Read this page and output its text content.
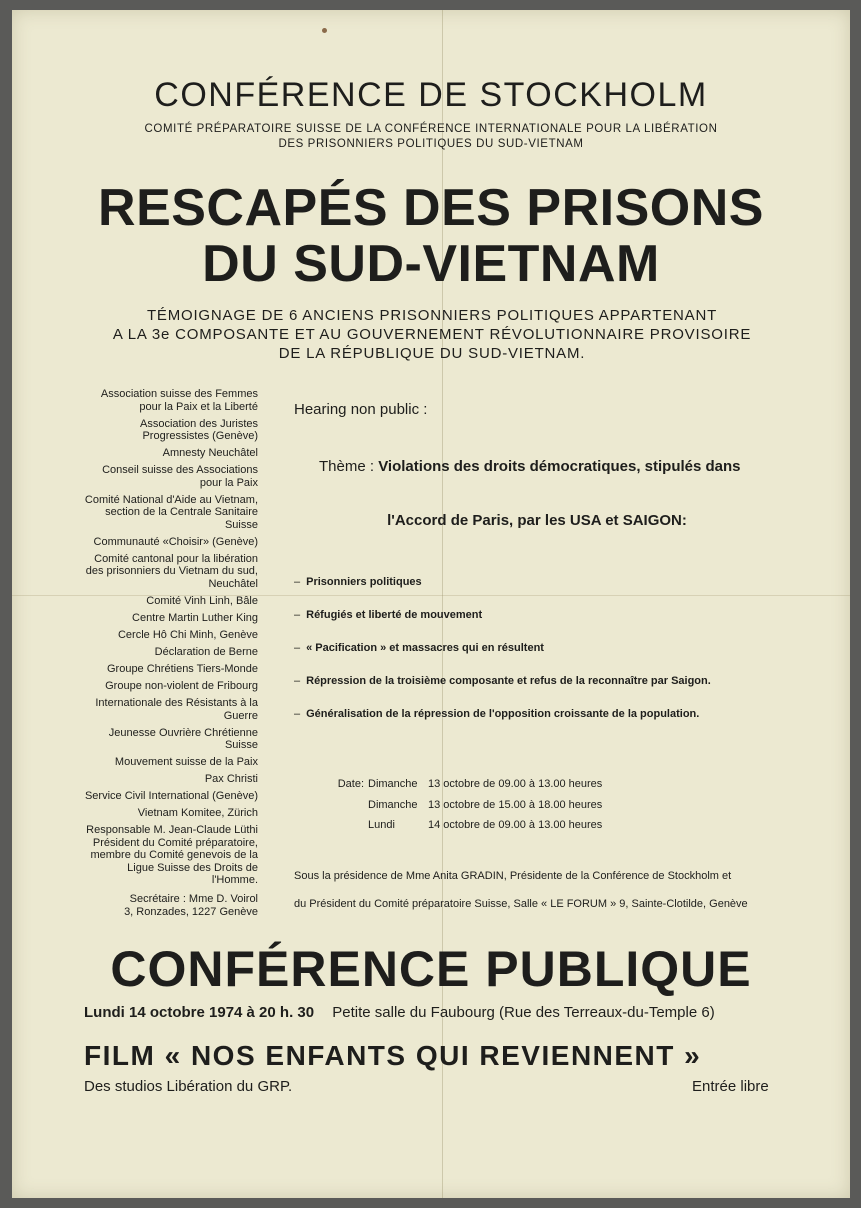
CONFÉRENCE DE STOCKHOLM
COMITÉ PRÉPARATOIRE SUISSE DE LA CONFÉRENCE INTERNATIONALE POUR LA LIBÉRATION
DES PRISONNIERS POLITIQUES DU SUD-VIETNAM
RESCAPÉS DES PRISONS
DU SUD-VIETNAM
TÉMOIGNAGE DE 6 ANCIENS PRISONNIERS POLITIQUES APPARTENANT
A LA 3e COMPOSANTE ET AU GOUVERNEMENT RÉVOLUTIONNAIRE PROVISOIRE
DE LA RÉPUBLIQUE DU SUD-VIETNAM.
Association suisse des Femmes pour la Paix et la Liberté
Association des Juristes Progressistes (Genève)
Amnesty Neuchâtel
Conseil suisse des Associations pour la Paix
Comité National d'Aide au Vietnam, section de la Centrale Sanitaire Suisse
Communauté «Choisir» (Genève)
Comité cantonal pour la libération des prisonniers du Vietnam du sud, Neuchâtel
Comité Vinh Linh, Bâle
Centre Martin Luther King
Cercle Hô Chi Minh, Genève
Déclaration de Berne
Groupe Chrétiens Tiers-Monde
Groupe non-violent de Fribourg
Internationale des Résistants à la Guerre
Jeunesse Ouvrière Chrétienne Suisse
Mouvement suisse de la Paix
Pax Christi
Service Civil International (Genève)
Vietnam Komitee, Zürich
Responsable M. Jean-Claude Lüthi Président du Comité préparatoire, membre du Comité genevois de la Ligue Suisse des Droits de l'Homme.
Secrétaire : Mme D. Voirol
3, Ronzades, 1227 Genève
Hearing non public :
Thème : Violations des droits démocratiques, stipulés dans
l'Accord de Paris, par les USA et SAIGON:
– Prisonniers politiques
– Réfugiés et liberté de mouvement
– « Pacification » et massacres qui en résultent
– Répression de la troisième composante et refus de la reconnaître par Saigon.
– Généralisation de la répression de l'opposition croissante de la population.
Date: Dimanche 13 octobre de 09.00 à 13.00 heures
Dimanche 13 octobre de 15.00 à 18.00 heures
Lundi	14 octobre de 09.00 à 13.00 heures
Sous la présidence de Mme Anita GRADIN, Présidente de la Conférence de Stockholm et
du Président du Comité préparatoire Suisse, Salle « LE FORUM » 9, Sainte-Clotilde, Genève
CONFÉRENCE PUBLIQUE
Lundi 14 octobre 1974 à 20 h. 30 Petite salle du Faubourg (Rue des Terreaux-du-Temple 6)
FILM « NOS ENFANTS QUI REVIENNENT »
Des studios Libération du GRP.	Entrée libre
